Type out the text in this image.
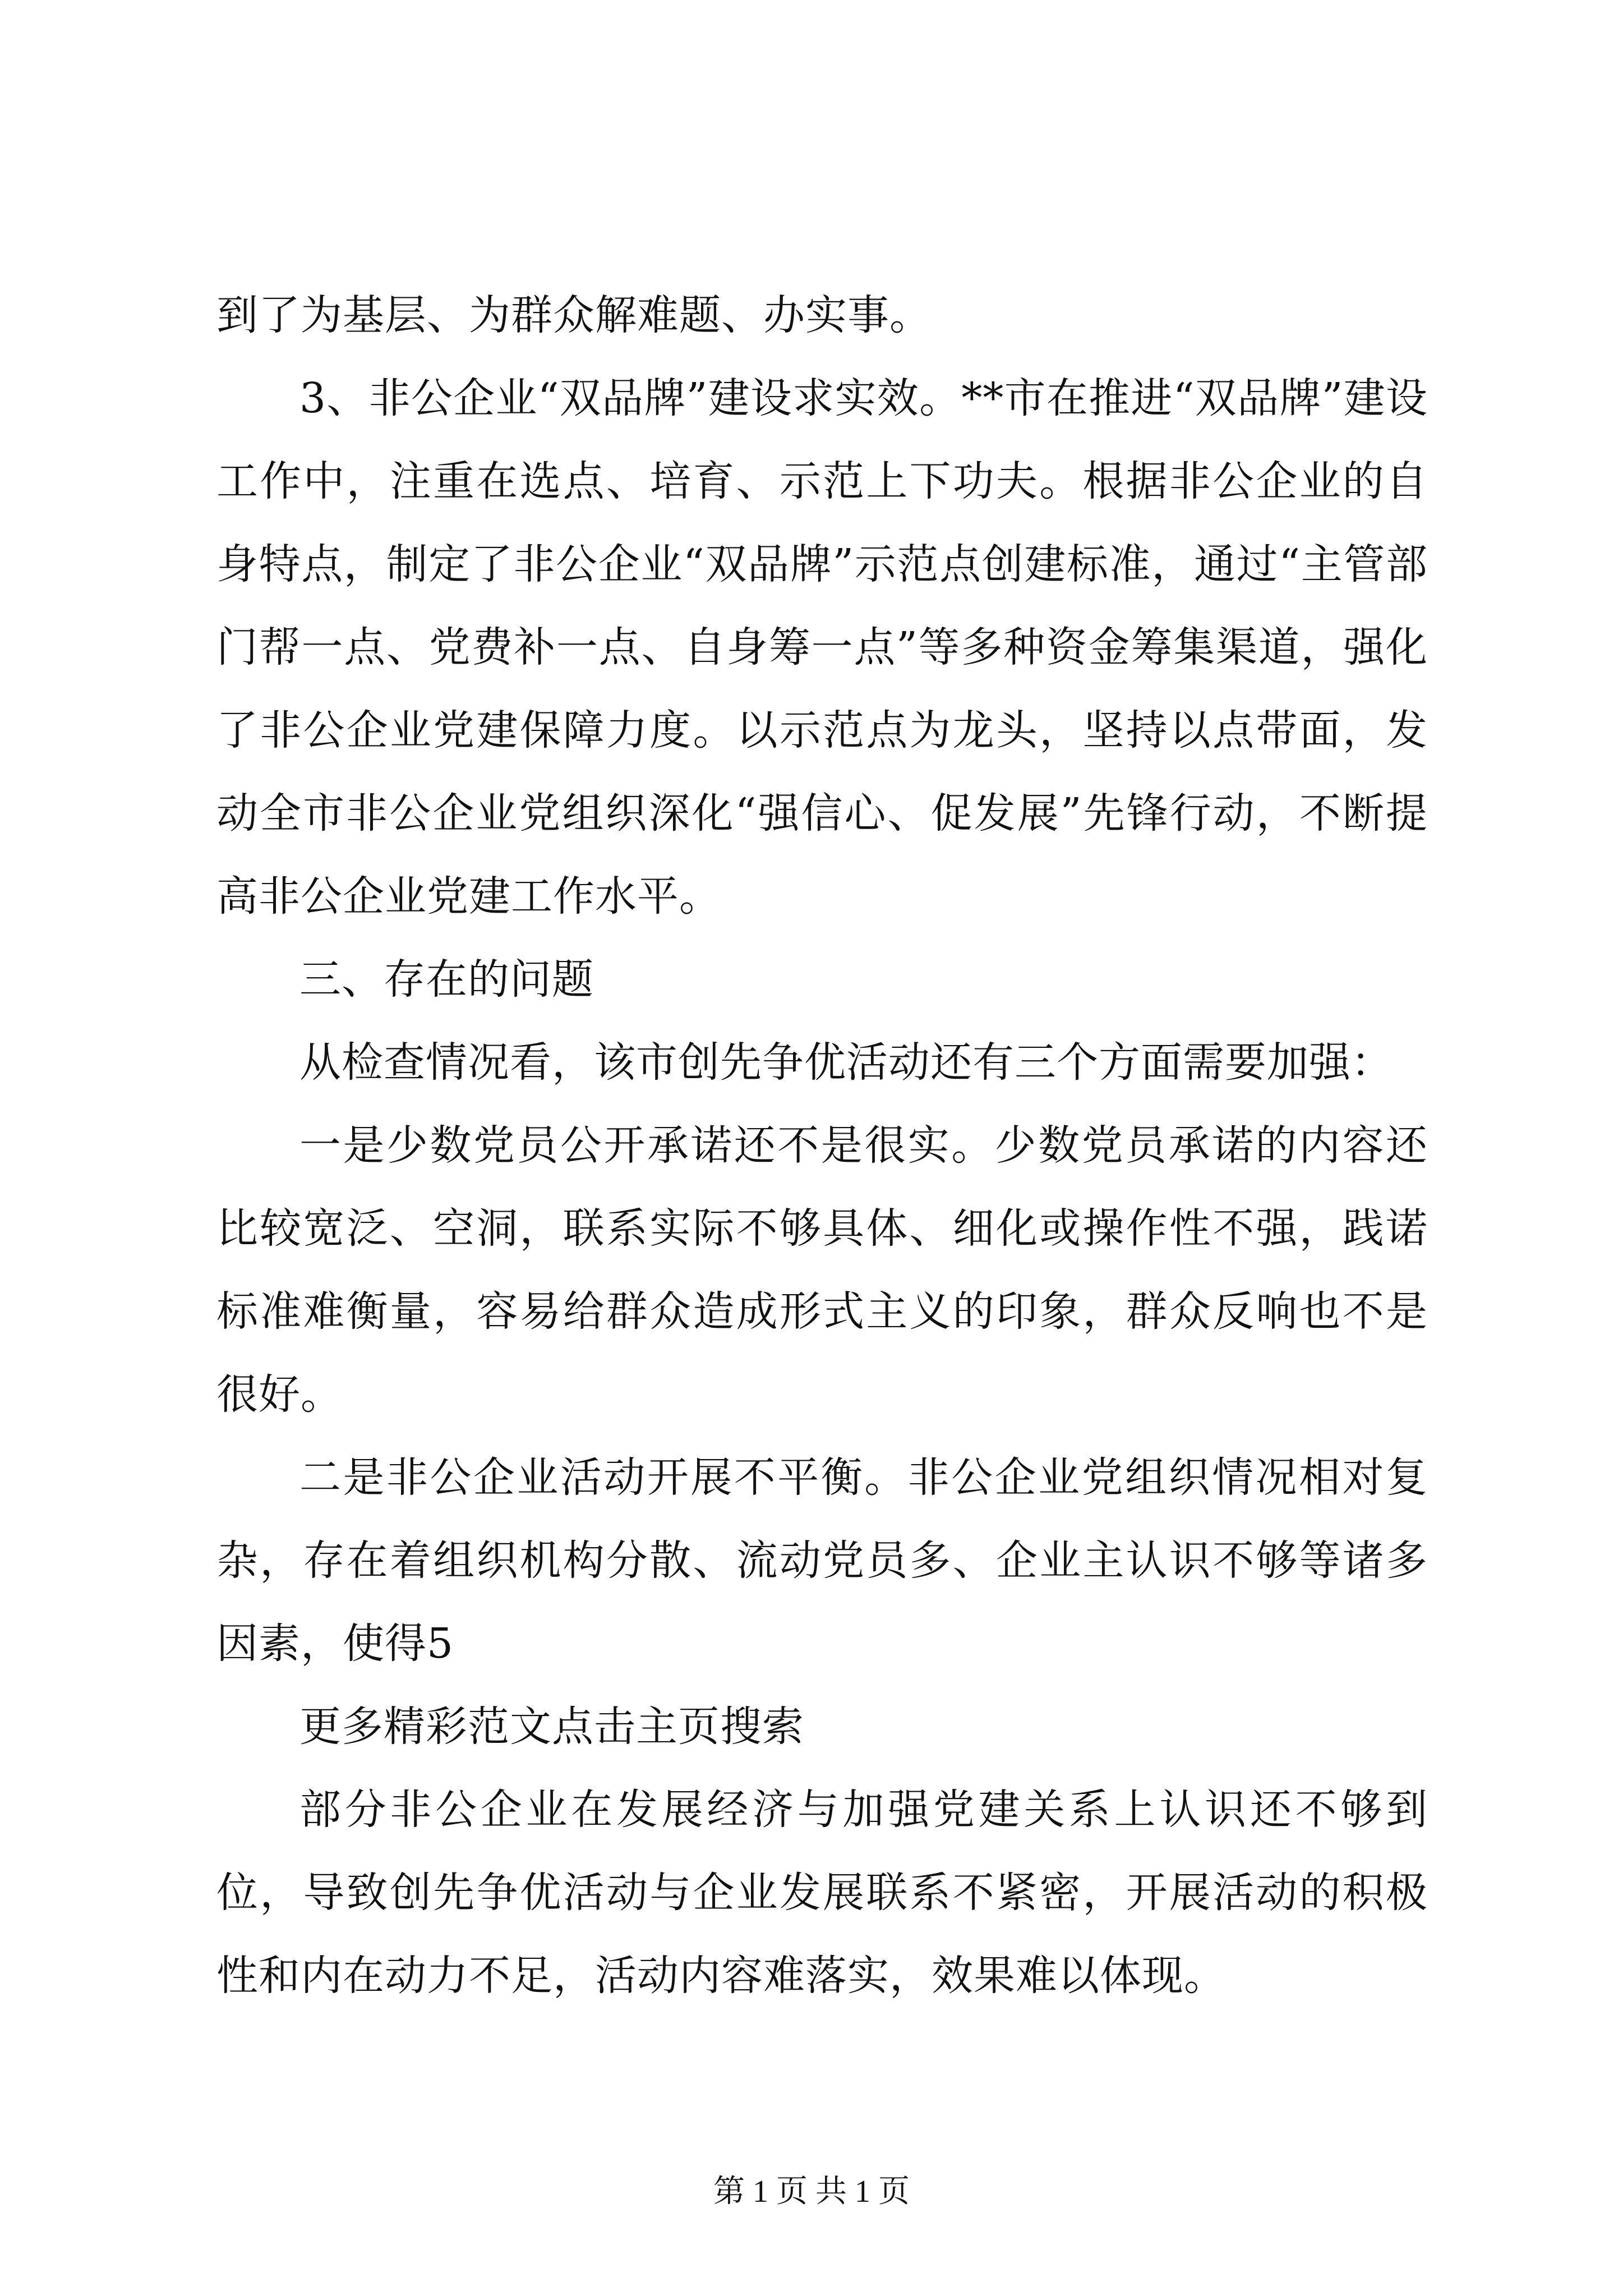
到了为基层、为群众解难题、办实事。

3、非公企业“双品牌”建设求实效。**市在推进“双品牌”建设工作中，注重在选点、培育、示范上下功夫。根据非公企业的自身特点，制定了非公企业“双品牌”示范点创建标准，通过“主管部门帮一点、党费补一点、自身筹一点”等多种资金筹集渠道，强化了非公企业党建保障力度。以示范点为龙头，坚持以点带面，发动全市非公企业党组织深化“强信心、促发展”先锋行动，不断提高非公企业党建工作水平。

三、存在的问题

从检查情况看，该市创先争优活动还有三个方面需要加强：

一是少数党员公开承诺还不是很实。少数党员承诺的内容还比较宽泛、空洞，联系实际不够具体、细化或操作性不强，践诺标准难衡量，容易给群众造成形式主义的印象，群众反响也不是很好。

二是非公企业活动开展不平衡。非公企业党组织情况相对复杂，存在着组织机构分散、流动党员多、企业主认识不够等诸多因素，使得5

更多精彩范文点击主页搜索

部分非公企业在发展经济与加强党建关系上认识还不够到位，导致创先争优活动与企业发展联系不紧密，开展活动的积极性和内在动力不足，活动内容难落实，效果难以体现。

第 1 页 共 1 页
